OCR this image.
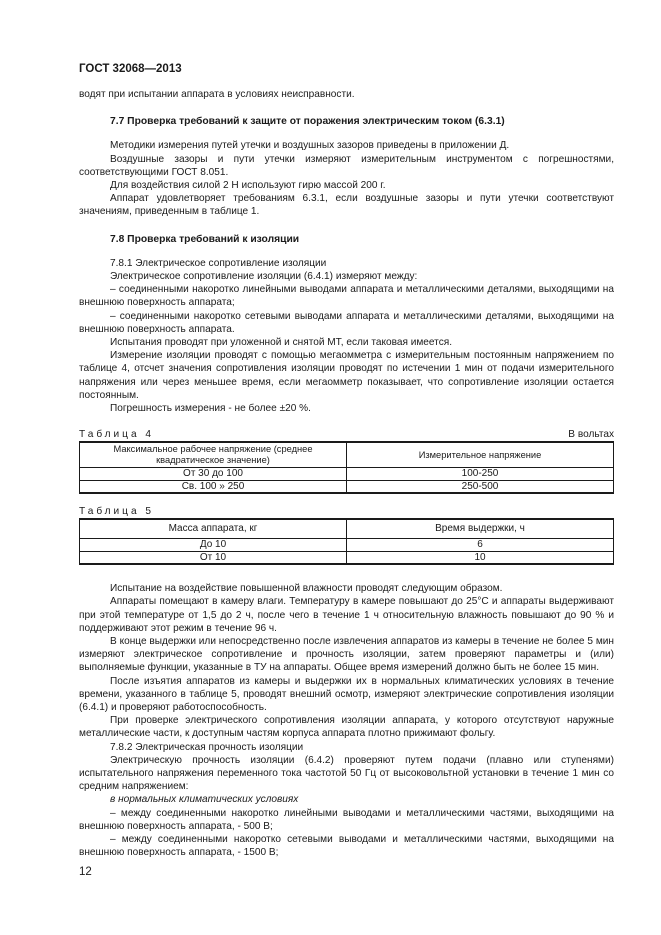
ГОСТ 32068—2013

водят при испытании аппарата в условиях неисправности.

7.7 Проверка требований к защите от поражения электрическим током (6.3.1)

Методики измерения путей утечки и воздушных зазоров приведены в приложении Д.

Воздушные зазоры и пути утечки измеряют измерительным инструментом с погрешностями, соответствующими ГОСТ 8.051.

Для воздействия силой 2 Н используют гирю массой 200 г.

Аппарат удовлетворяет требованиям 6.3.1, если воздушные зазоры и пути утечки соответствуют значениям, приведенным в таблице 1.

7.8 Проверка требований к изоляции

7.8.1 Электрическое сопротивление изоляции

Электрическое сопротивление изоляции (6.4.1) измеряют между:

– соединенными накоротко линейными выводами аппарата и металлическими деталями, выходящими на внешнюю поверхность аппарата;

– соединенными накоротко сетевыми выводами аппарата и металлическими деталями, выходящими на внешнюю поверхность аппарата.

Испытания проводят при уложенной и снятой МТ, если таковая имеется.

Измерение изоляции проводят с помощью мегаомметра с измерительным постоянным напряжением по таблице 4, отсчет значения сопротивления изоляции проводят по истечении 1 мин от подачи измерительного напряжения или через меньшее время, если мегаомметр показывает, что сопротивление изоляции остается постоянным.

Погрешность измерения - не более ±20 %.

Таблица 4	В вольтах
Максимальное рабочее напряжение (среднее квадратическое значение)	Измерительное напряжение
От 30 до 100	100-250
Св. 100 » 250	250-500
Таблица 5
Масса аппарата, кг	Время выдержки, ч
До 10	6
От 10	10

Испытание на воздействие повышенной влажности проводят следующим образом.

Аппараты помещают в камеру влаги. Температуру в камере повышают до 25°С и аппараты выдерживают при этой температуре от 1,5 до 2 ч, после чего в течение 1 ч относительную влажность повышают до 90 % и поддерживают этот режим в течение 96 ч.

В конце выдержки или непосредственно после извлечения аппаратов из камеры в течение не более 5 мин измеряют электрическое сопротивление и прочность изоляции, затем проверяют параметры и (или) выполняемые функции, указанные в ТУ на аппараты. Общее время измерений должно быть не более 15 мин.

После изъятия аппаратов из камеры и выдержки их в нормальных климатических условиях в течение времени, указанного в таблице 5, проводят внешний осмотр, измеряют электрические сопротивления изоляции (6.4.1) и проверяют работоспособность.

При проверке электрического сопротивления изоляции аппарата, у которого отсутствуют наружные металлические части, к доступным частям корпуса аппарата плотно прижимают фольгу.

7.8.2 Электрическая прочность изоляции

Электрическую прочность изоляции (6.4.2) проверяют путем подачи (плавно или ступенями) испытательного напряжения переменного тока частотой 50 Гц от высоковольтной установки в течение 1 мин со средним напряжением:

в нормальных климатических условиях

– между соединенными накоротко линейными выводами и металлическими частями, выходящими на внешнюю поверхность аппарата, - 500 В;

– между соединенными накоротко сетевыми выводами и металлическими частями, выходящими на внешнюю поверхность аппарата, - 1500 В;

12
